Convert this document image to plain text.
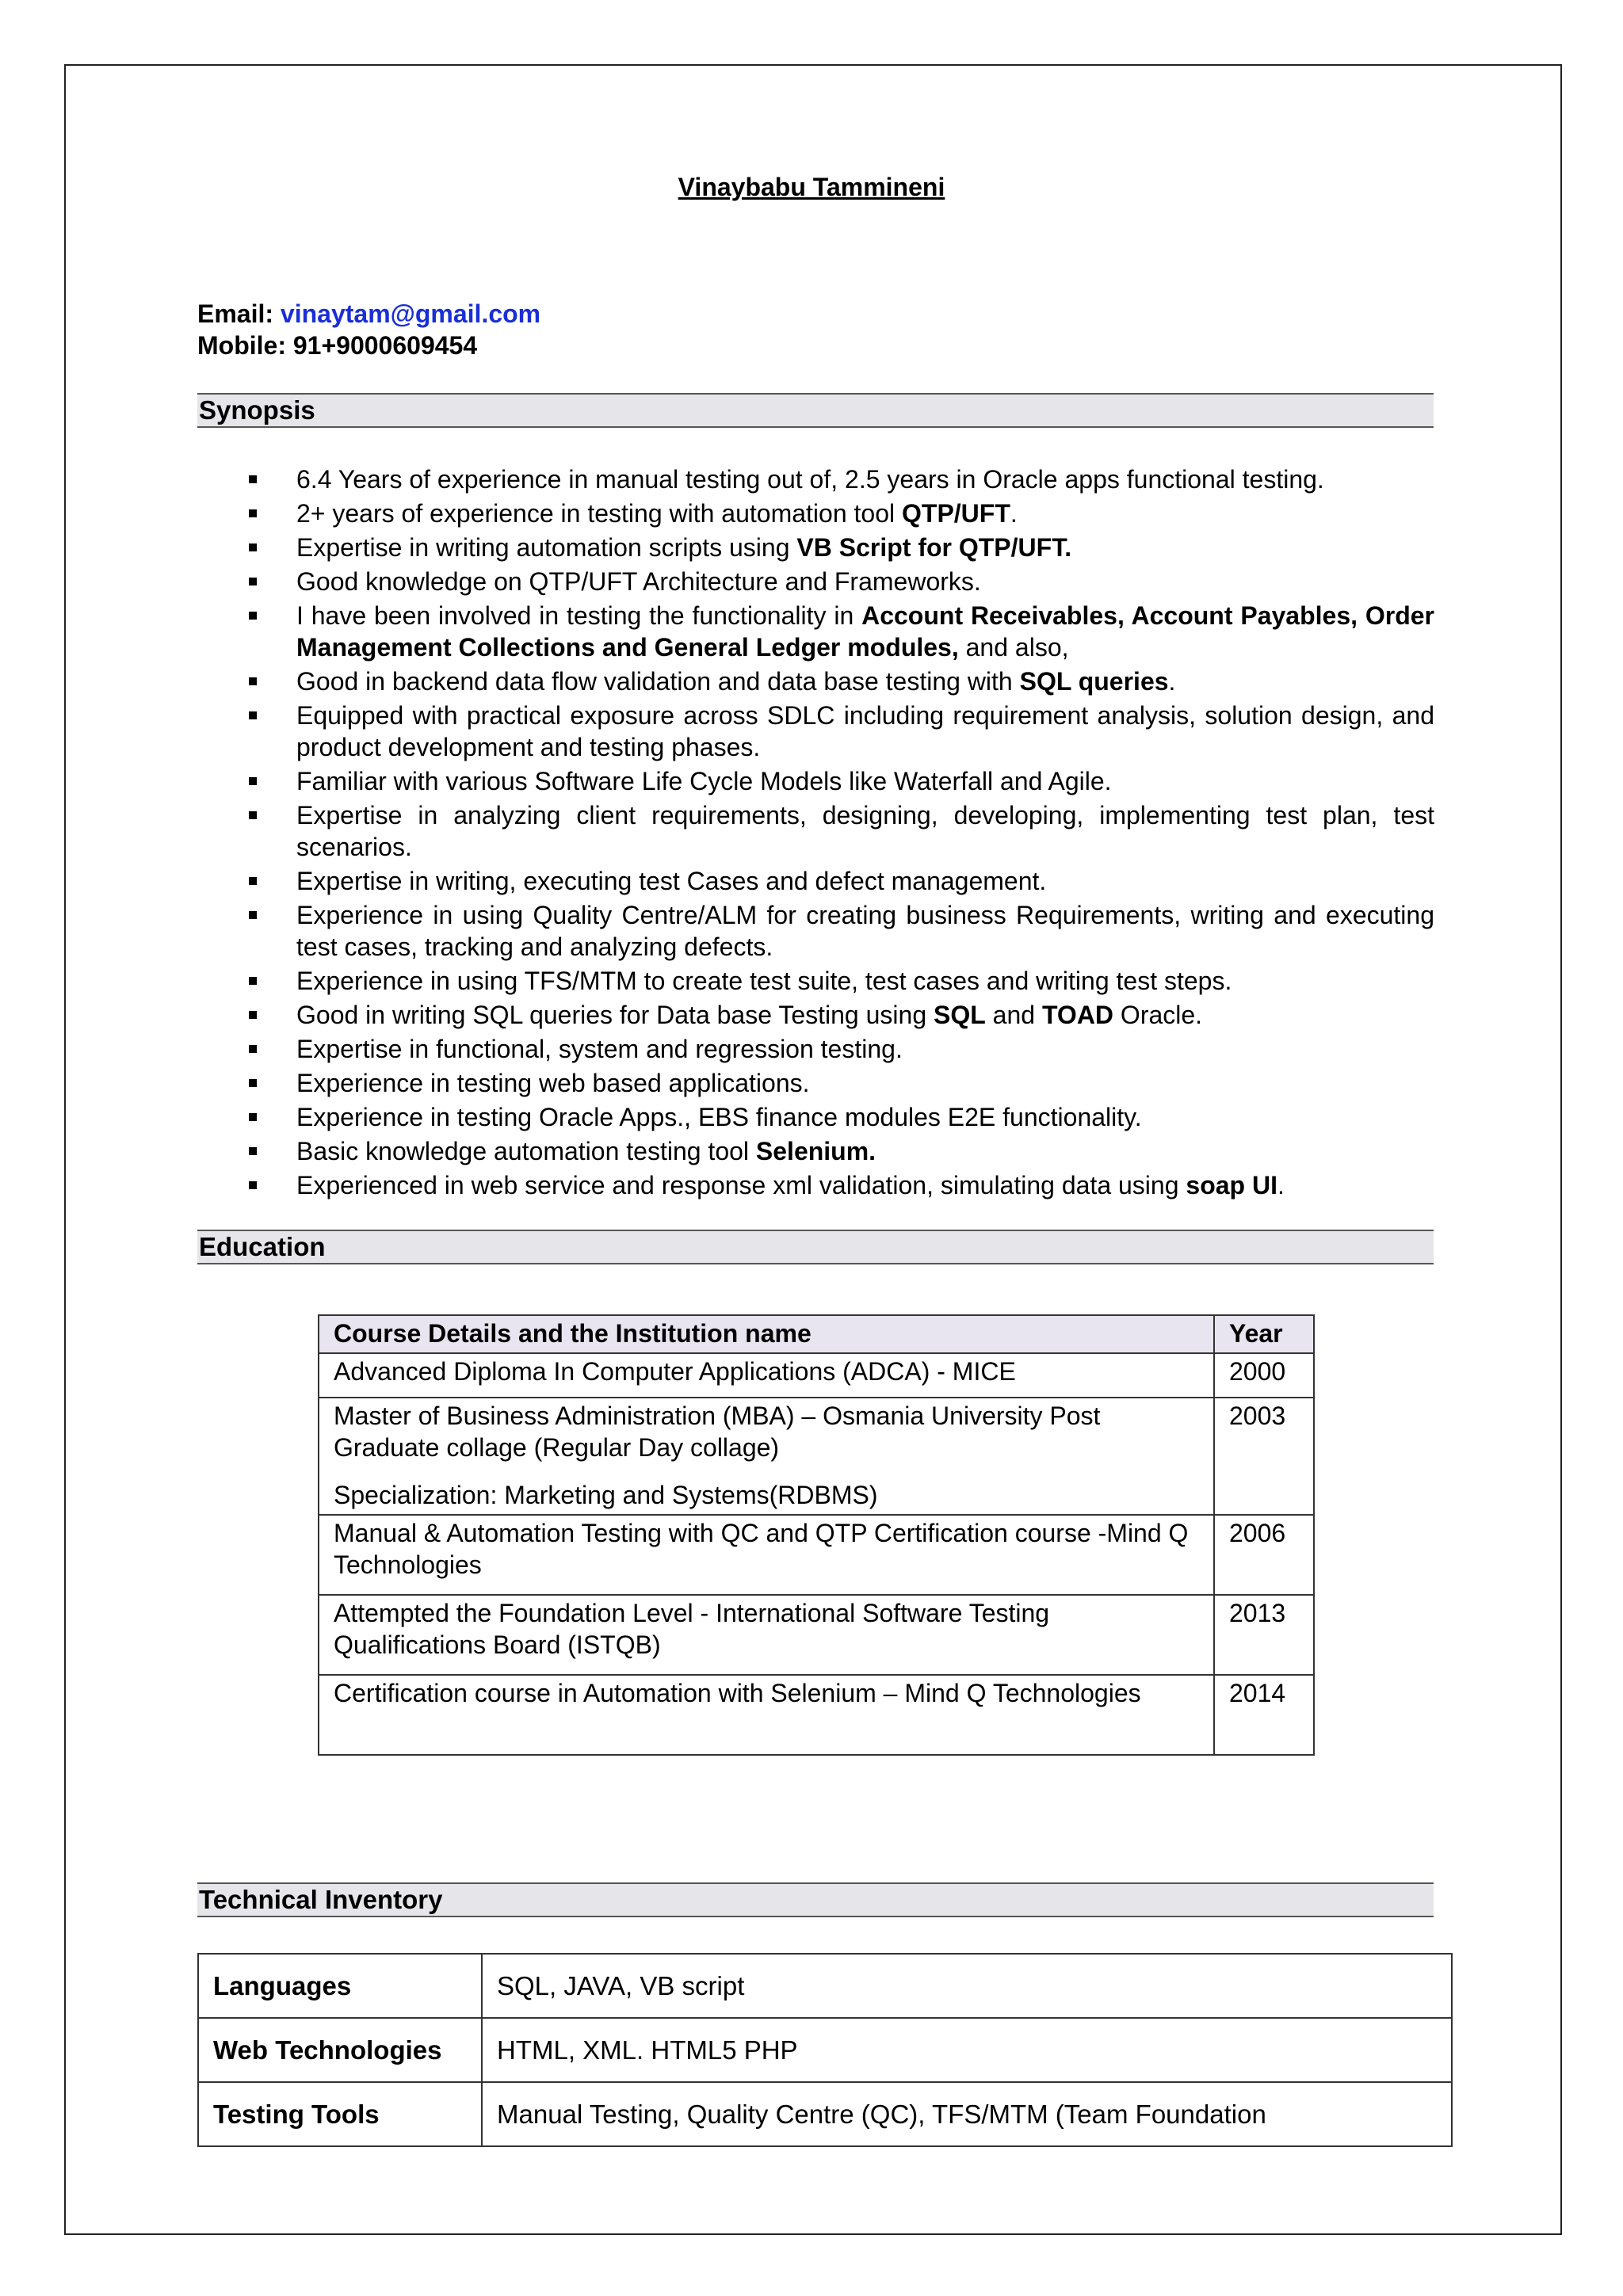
Vinaybabu Tammineni
Email: vinaytam@gmail.com
Mobile: 91+9000609454
Synopsis
6.4 Years of experience in manual testing out of, 2.5 years in Oracle apps functional testing.
2+ years of experience in testing with automation tool QTP/UFT.
Expertise in writing automation scripts using VB Script for QTP/UFT.
Good knowledge on QTP/UFT Architecture and Frameworks.
I have been involved in testing the functionality in Account Receivables, Account Payables, Order Management Collections and General Ledger modules, and also,
Good in backend data flow validation and data base testing with SQL queries.
Equipped with practical exposure across SDLC including requirement analysis, solution design, and product development and testing phases.
Familiar with various Software Life Cycle Models like Waterfall and Agile.
Expertise in analyzing client requirements, designing, developing, implementing test plan, test scenarios.
Expertise in writing, executing test Cases and defect management.
Experience in using Quality Centre/ALM for creating business Requirements, writing and executing test cases, tracking and analyzing defects.
Experience in using TFS/MTM to create test suite, test cases and writing test steps.
Good in writing SQL queries for Data base Testing using SQL and TOAD Oracle.
Expertise in functional, system and regression testing.
Experience in testing web based applications.
Experience in testing Oracle Apps., EBS finance modules E2E functionality.
Basic knowledge automation testing tool Selenium.
Experienced in web service and response xml validation, simulating data using soap UI.
Education
Course Details and the Institution name	Year

Advanced Diploma In Computer Applications (ADCA) - MICE	2000

Master of Business Administration (MBA) – Osmania University Post Graduate collage (Regular Day collage)

Specialization: Marketing and Systems(RDBMS)	2003

Manual & Automation Testing with QC and QTP Certification course -Mind Q Technologies	2006

Attempted the Foundation Level - International Software Testing Qualifications Board (ISTQB)	2013

Certification course in Automation with Selenium – Mind Q Technologies	2014
Technical Inventory
Languages	SQL, JAVA, VB script
Web Technologies	HTML, XML. HTML5 PHP
Testing Tools	Manual Testing, Quality Centre (QC), TFS/MTM (Team Foundation
